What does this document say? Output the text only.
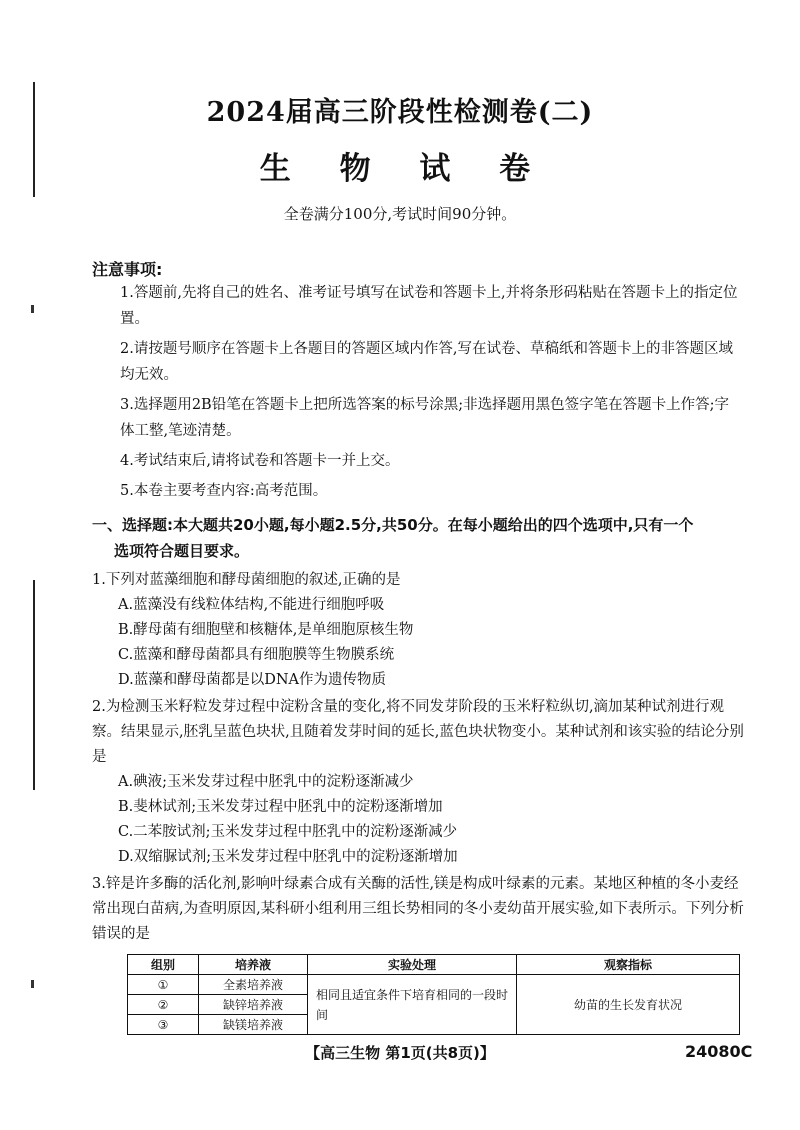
2024届高三阶段性检测卷(二)
生 物 试 卷
全卷满分100分,考试时间90分钟。
注意事项:
1.答题前,先将自己的姓名、准考证号填写在试卷和答题卡上,并将条形码粘贴在答题卡上的指定位置。
2.请按题号顺序在答题卡上各题目的答题区域内作答,写在试卷、草稿纸和答题卡上的非答题区域均无效。
3.选择题用2B铅笔在答题卡上把所选答案的标号涂黑;非选择题用黑色签字笔在答题卡上作答;字体工整,笔迹清楚。
4.考试结束后,请将试卷和答题卡一并上交。
5.本卷主要考查内容:高考范围。
一、选择题:本大题共20小题,每小题2.5分,共50分。在每小题给出的四个选项中,只有一个
选项符合题目要求。
1.下列对蓝藻细胞和酵母菌细胞的叙述,正确的是
A.蓝藻没有线粒体结构,不能进行细胞呼吸
B.酵母菌有细胞壁和核糖体,是单细胞原核生物
C.蓝藻和酵母菌都具有细胞膜等生物膜系统
D.蓝藻和酵母菌都是以DNA作为遗传物质
2.为检测玉米籽粒发芽过程中淀粉含量的变化,将不同发芽阶段的玉米籽粒纵切,滴加某种试剂进行观察。结果显示,胚乳呈蓝色块状,且随着发芽时间的延长,蓝色块状物变小。某种试剂和该实验的结论分别是
A.碘液;玉米发芽过程中胚乳中的淀粉逐渐减少
B.斐林试剂;玉米发芽过程中胚乳中的淀粉逐渐增加
C.二苯胺试剂;玉米发芽过程中胚乳中的淀粉逐渐减少
D.双缩脲试剂;玉米发芽过程中胚乳中的淀粉逐渐增加
3.锌是许多酶的活化剂,影响叶绿素合成有关酶的活性,镁是构成叶绿素的元素。某地区种植的冬小麦经常出现白苗病,为查明原因,某科研小组利用三组长势相同的冬小麦幼苗开展实验,如下表所示。下列分析错误的是
组别	培养液	实验处理	观察指标
①	全素培养液	相同且适宜条件下培育相同的一段时间	幼苗的生长发育状况
②	缺锌培养液		
③	缺镁培养液		
【高三生物 第1页(共8页)】	24080C
